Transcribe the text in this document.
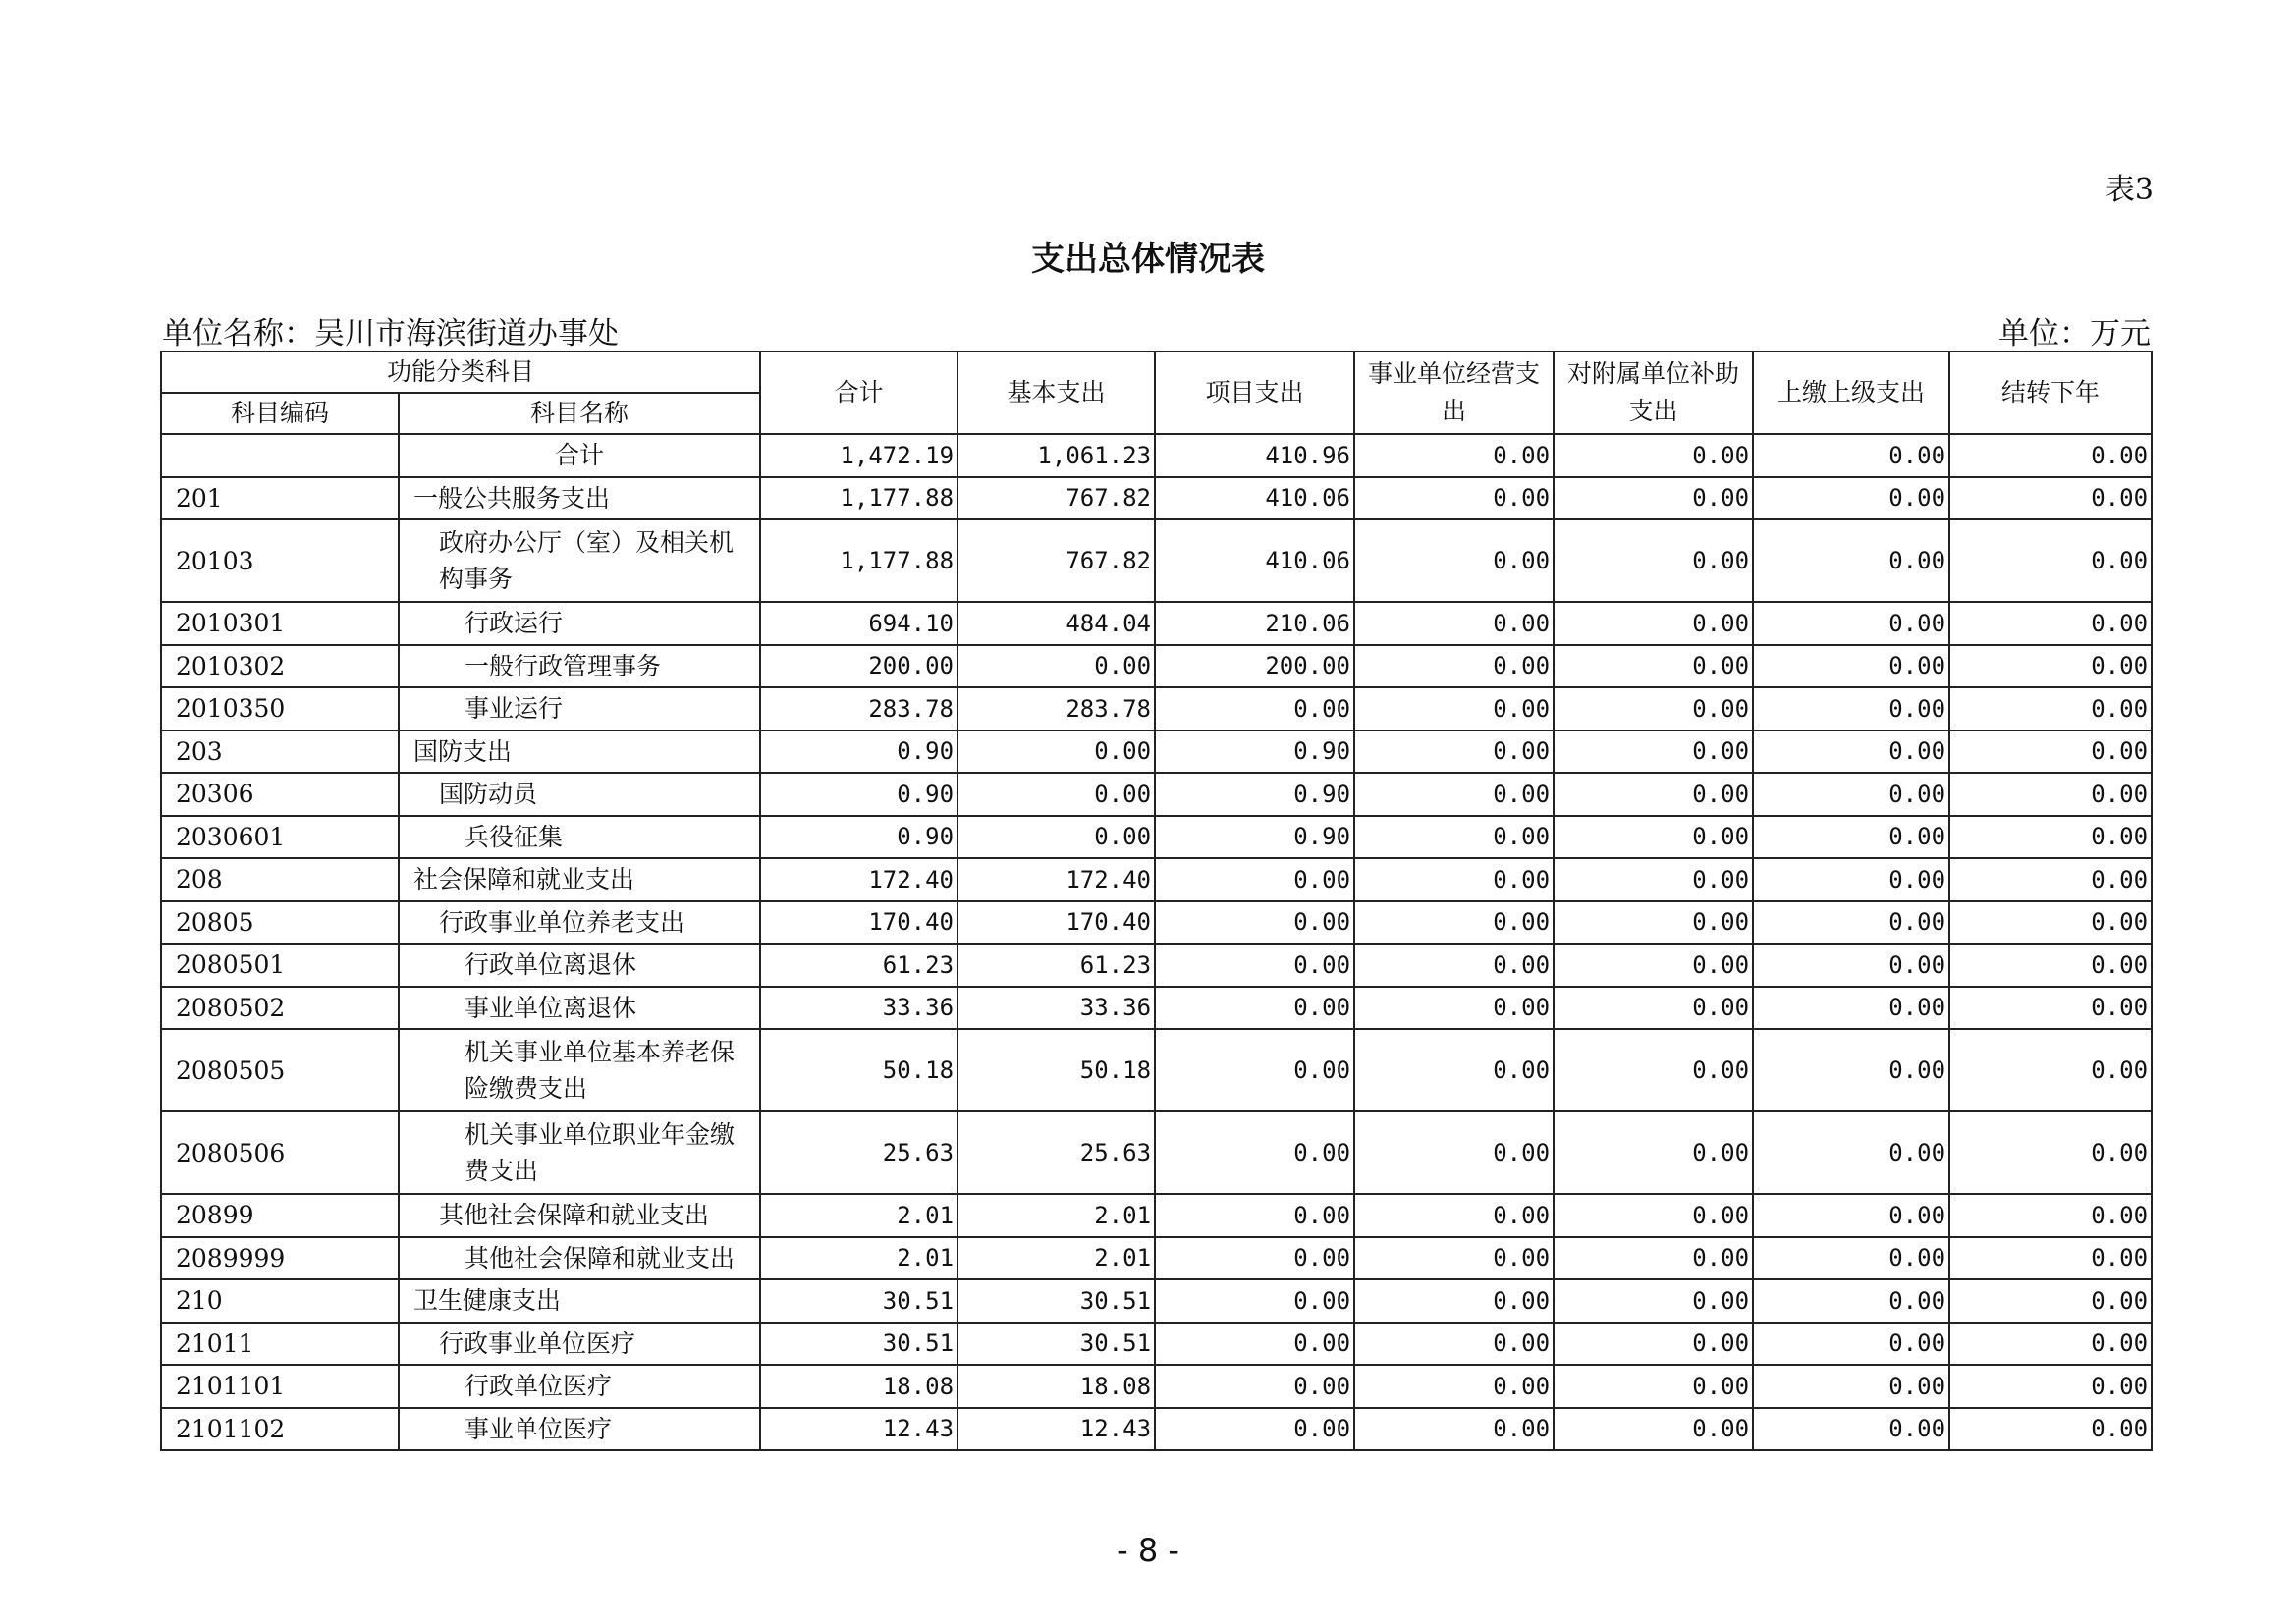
表3
支出总体情况表
单位名称：吴川市海滨街道办事处	单位：万元
功能分类科目		合计	基本支出	项目支出	事业单位经营支出	对附属单位补助支出	上缴上级支出	结转下年
科目编码	科目名称							
	合计	1,472.19	1,061.23	410.96	0.00	0.00	0.00	0.00
201	一般公共服务支出	1,177.88	767.82	410.06	0.00	0.00	0.00	0.00
20103	政府办公厅（室）及相关机构事务	1,177.88	767.82	410.06	0.00	0.00	0.00	0.00
2010301	行政运行	694.10	484.04	210.06	0.00	0.00	0.00	0.00
2010302	一般行政管理事务	200.00	0.00	200.00	0.00	0.00	0.00	0.00
2010350	事业运行	283.78	283.78	0.00	0.00	0.00	0.00	0.00
203	国防支出	0.90	0.00	0.90	0.00	0.00	0.00	0.00
20306	国防动员	0.90	0.00	0.90	0.00	0.00	0.00	0.00
2030601	兵役征集	0.90	0.00	0.90	0.00	0.00	0.00	0.00
208	社会保障和就业支出	172.40	172.40	0.00	0.00	0.00	0.00	0.00
20805	行政事业单位养老支出	170.40	170.40	0.00	0.00	0.00	0.00	0.00
2080501	行政单位离退休	61.23	61.23	0.00	0.00	0.00	0.00	0.00
2080502	事业单位离退休	33.36	33.36	0.00	0.00	0.00	0.00	0.00
2080505	机关事业单位基本养老保险缴费支出	50.18	50.18	0.00	0.00	0.00	0.00	0.00
2080506	机关事业单位职业年金缴费支出	25.63	25.63	0.00	0.00	0.00	0.00	0.00
20899	其他社会保障和就业支出	2.01	2.01	0.00	0.00	0.00	0.00	0.00
2089999	其他社会保障和就业支出	2.01	2.01	0.00	0.00	0.00	0.00	0.00
210	卫生健康支出	30.51	30.51	0.00	0.00	0.00	0.00	0.00
21011	行政事业单位医疗	30.51	30.51	0.00	0.00	0.00	0.00	0.00
2101101	行政单位医疗	18.08	18.08	0.00	0.00	0.00	0.00	0.00
2101102	事业单位医疗	12.43	12.43	0.00	0.00	0.00	0.00	0.00
- 8 -
